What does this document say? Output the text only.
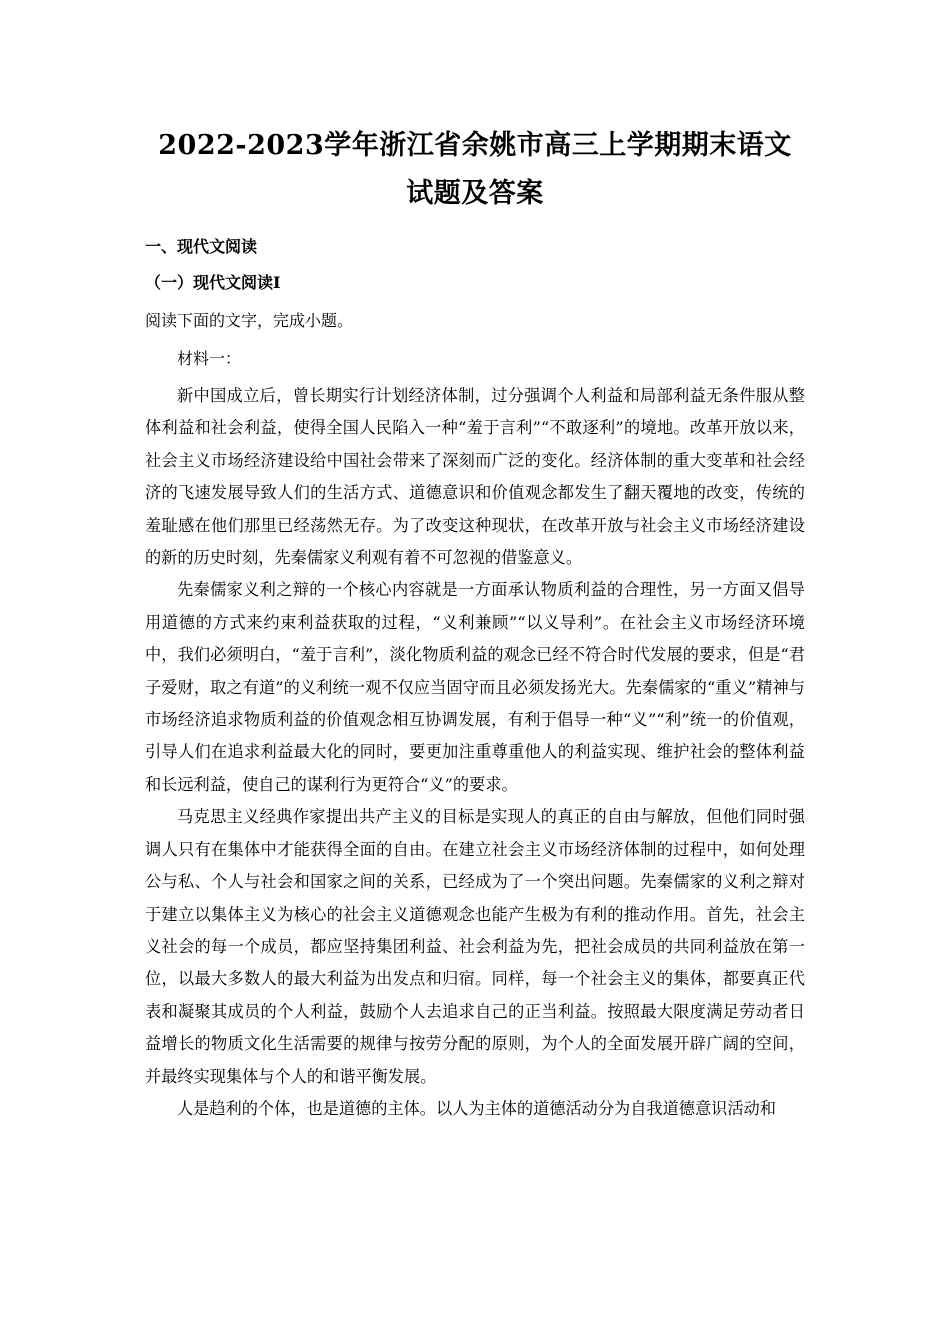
2022-2023学年浙江省余姚市高三上学期期末语文试题及答案
一、现代文阅读
（一）现代文阅读Ⅰ
阅读下面的文字，完成小题。
材料一：

新中国成立后，曾长期实行计划经济体制，过分强调个人利益和局部利益无条件服从整体利益和社会利益，使得全国人民陷入一种“羞于言利”“不敢逐利”的境地。改革开放以来，社会主义市场经济建设给中国社会带来了深刻而广泛的变化。经济体制的重大变革和社会经济的飞速发展导致人们的生活方式、道德意识和价值观念都发生了翻天覆地的改变，传统的羞耻感在他们那里已经荡然无存。为了改变这种现状，在改革开放与社会主义市场经济建设的新的历史时刻，先秦儒家义利观有着不可忽视的借鉴意义。

先秦儒家义利之辩的一个核心内容就是一方面承认物质利益的合理性，另一方面又倡导用道德的方式来约束利益获取的过程，“义利兼顾”“以义导利”。在社会主义市场经济环境中，我们必须明白，“羞于言利”，淡化物质利益的观念已经不符合时代发展的要求，但是“君子爱财，取之有道”的义利统一观不仅应当固守而且必须发扬光大。先秦儒家的“重义”精神与市场经济追求物质利益的价值观念相互协调发展，有利于倡导一种“义”“利”统一的价值观，引导人们在追求利益最大化的同时，要更加注重尊重他人的利益实现、维护社会的整体利益和长远利益，使自己的谋利行为更符合“义”的要求。

马克思主义经典作家提出共产主义的目标是实现人的真正的自由与解放，但他们同时强调人只有在集体中才能获得全面的自由。在建立社会主义市场经济体制的过程中，如何处理公与私、个人与社会和国家之间的关系，已经成为了一个突出问题。先秦儒家的义利之辩对于建立以集体主义为核心的社会主义道德观念也能产生极为有利的推动作用。首先，社会主义社会的每一个成员，都应坚持集团利益、社会利益为先，把社会成员的共同利益放在第一位，以最大多数人的最大利益为出发点和归宿。同样，每一个社会主义的集体，都要真正代表和凝聚其成员的个人利益，鼓励个人去追求自己的正当利益。按照最大限度满足劳动者日益增长的物质文化生活需要的规律与按劳分配的原则，为个人的全面发展开辟广阔的空间，并最终实现集体与个人的和谐平衡发展。

人是趋利的个体，也是道德的主体。以人为主体的道德活动分为自我道德意识活动和
